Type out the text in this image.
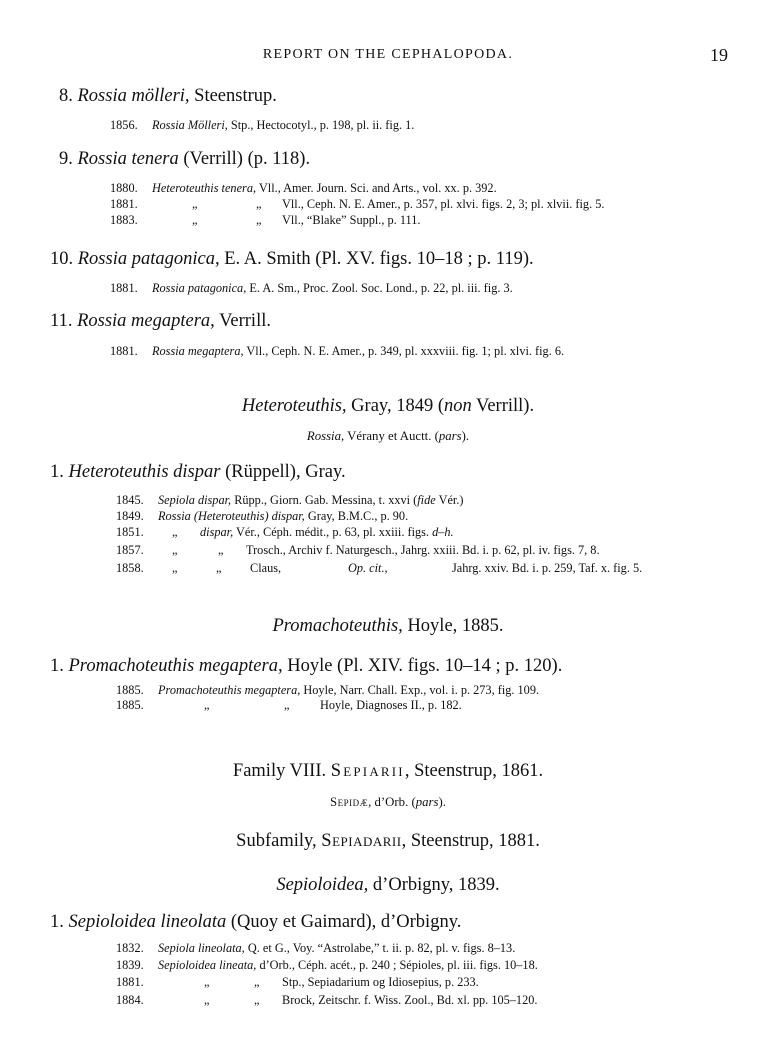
REPORT ON THE CEPHALOPODA.	19
8. Rossia mölleri, Steenstrup.
1856. Rossia Mölleri, Stp., Hectocotyl., p. 198, pl. ii. fig. 1.
9. Rossia tenera (Verrill) (p. 118).
1880. Heteroteuthis tenera, Vll., Amer. Journ. Sci. and Arts., vol. xx. p. 392.
1881.	„	„ Vll., Ceph. N. E. Amer., p. 357, pl. xlvi. figs. 2, 3; pl. xlvii. fig. 5.
1883.	„	„ Vll., “Blake” Suppl., p. 111.
10. Rossia patagonica, E. A. Smith (Pl. XV. figs. 10–18 ; p. 119).
1881. Rossia patagonica, E. A. Sm., Proc. Zool. Soc. Lond., p. 22, pl. iii. fig. 3.
11. Rossia megaptera, Verrill.
1881. Rossia megaptera, Vll., Ceph. N. E. Amer., p. 349, pl. xxxviii. fig. 1; pl. xlvi. fig. 6.
Heteroteuthis, Gray, 1849 (non Verrill).
Rossia, Vérany et Auctt. (pars).
1. Heteroteuthis dispar (Rüppell), Gray.
1845. Sepiola dispar, Rüpp., Giorn. Gab. Messina, t. xxvi (fide Vér.)
1849. Rossia (Heteroteuthis) dispar, Gray, B.M.C., p. 90.
1851. „ dispar, Vér., Céph. médit., p. 63, pl. xxiii. figs. d–h.
1857. „	„ Trosch., Archiv f. Naturgesch., Jahrg. xxiii. Bd. i. p. 62, pl. iv. figs. 7, 8.
1858. „	„ Claus,	Op. cit.,	Jahrg. xxiv. Bd. i. p. 259, Taf. x. fig. 5.
Promachoteuthis, Hoyle, 1885.
1. Promachoteuthis megaptera, Hoyle (Pl. XIV. figs. 10–14 ; p. 120).
1885. Promachoteuthis megaptera, Hoyle, Narr. Chall. Exp., vol. i. p. 273, fig. 109.
1885.	„	„ Hoyle, Diagnoses II., p. 182.
Family VIII. Sepiarii, Steenstrup, 1861.
Sepidæ, d’Orb. (pars).
Subfamily, Sepiadarii, Steenstrup, 1881.
Sepioloidea, d’Orbigny, 1839.
1. Sepioloidea lineolata (Quoy et Gaimard), d’Orbigny.
1832. Sepiola lineolata, Q. et G., Voy. “Astrolabe,” t. ii. p. 82, pl. v. figs. 8–13.
1839. Sepioloidea lineata, d’Orb., Céph. acét., p. 240 ; Sépioles, pl. iii. figs. 10–18.
1881.	„	„ Stp., Sepiadarium og Idiosepius, p. 233.
1884.	„	„ Brock, Zeitschr. f. Wiss. Zool., Bd. xl. pp. 105–120.
